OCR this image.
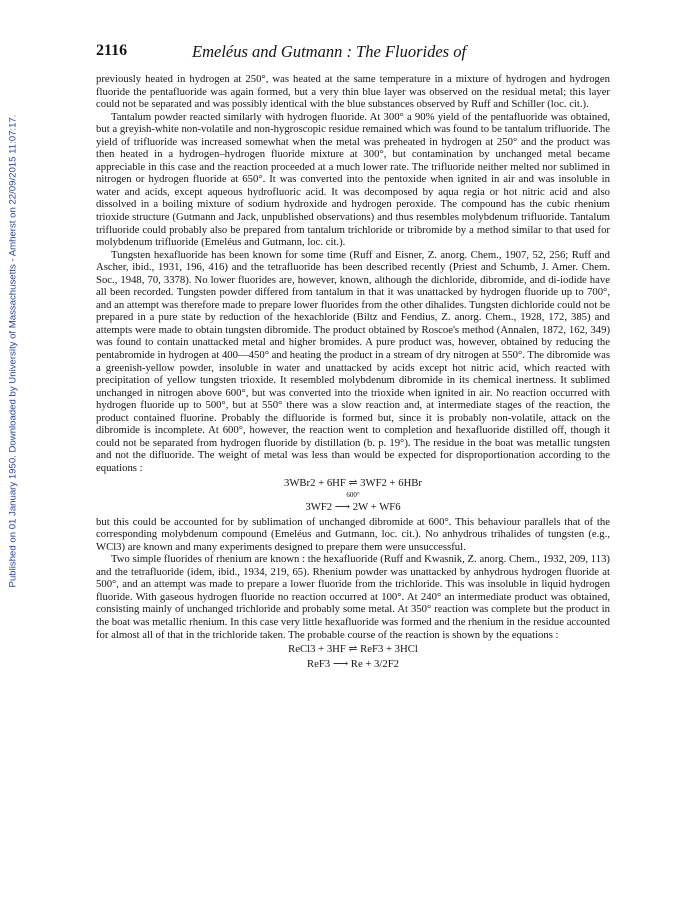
Published on 01 January 1950. Downloaded by University of Massachusetts - Amherst on 22/09/2015 11:07:17.
2116	Emeléus and Gutmann : The Fluorides of

previously heated in hydrogen at 250°, was heated at the same temperature in a mixture of hydrogen and hydrogen fluoride the pentafluoride was again formed, but a very thin blue layer was observed on the residual metal; this layer could not be separated and was possibly identical with the blue substances observed by Ruff and Schiller (loc. cit.).

Tantalum powder reacted similarly with hydrogen fluoride. At 300° a 90% yield of the pentafluoride was obtained, but a greyish-white non-volatile and non-hygroscopic residue remained which was found to be tantalum trifluoride. The yield of trifluoride was increased somewhat when the metal was preheated in hydrogen at 250° and the product was then heated in a hydrogen–hydrogen fluoride mixture at 300°, but contamination by unchanged metal became appreciable in this case and the reaction proceeded at a much lower rate. The trifluoride neither melted nor sublimed in nitrogen or hydrogen fluoride at 650°. It was converted into the pentoxide when ignited in air and was insoluble in water and acids, except aqueous hydrofluoric acid. It was decomposed by aqua regia or hot nitric acid and also dissolved in a boiling mixture of sodium hydroxide and hydrogen peroxide. The compound has the cubic rhenium trioxide structure (Gutmann and Jack, unpublished observations) and thus resembles molybdenum trifluoride. Tantalum trifluoride could probably also be prepared from tantalum trichloride or tribromide by a method similar to that used for molybdenum trifluoride (Emeléus and Gutmann, loc. cit.).

Tungsten hexafluoride has been known for some time (Ruff and Eisner, Z. anorg. Chem., 1907, 52, 256; Ruff and Ascher, ibid., 1931, 196, 416) and the tetrafluoride has been described recently (Priest and Schumb, J. Amer. Chem. Soc., 1948, 70, 3378). No lower fluorides are, however, known, although the dichloride, dibromide, and di-iodide have all been recorded. Tungsten powder differed from tantalum in that it was unattacked by hydrogen fluoride up to 700°, and an attempt was therefore made to prepare lower fluorides from the other dihalides. Tungsten dichloride could not be prepared in a pure state by reduction of the hexachloride (Biltz and Fendius, Z. anorg. Chem., 1928, 172, 385) and attempts were made to obtain tungsten dibromide. The product obtained by Roscoe's method (Annalen, 1872, 162, 349) was found to contain unattacked metal and higher bromides. A pure product was, however, obtained by reducing the pentabromide in hydrogen at 400—450° and heating the product in a stream of dry nitrogen at 550°. The dibromide was a greenish-yellow powder, insoluble in water and unattacked by acids except hot nitric acid, which reacted with precipitation of yellow tungsten trioxide. It resembled molybdenum dibromide in its chemical inertness. It sublimed unchanged in nitrogen above 600°, but was converted into the trioxide when ignited in air. No reaction occurred with hydrogen fluoride up to 500°, but at 550° there was a slow reaction and, at intermediate stages of the reaction, the product contained fluorine. Probably the difluoride is formed but, since it is probably non-volatile, attack on the dibromide is incomplete. At 600°, however, the reaction went to completion and hexafluoride distilled off, though it could not be separated from hydrogen fluoride by distillation (b. p. 19°). The residue in the boat was metallic tungsten and not the difluoride. The weight of metal was less than would be expected for disproportionation according to the equations :

3WBr2 + 6HF ⇌ 3WF2 + 6HBr
600°
3WF2 ⟶ 2W + WF6

but this could be accounted for by sublimation of unchanged dibromide at 600°. This behaviour parallels that of the corresponding molybdenum compound (Emeléus and Gutmann, loc. cit.). No anhydrous trihalides of tungsten (e.g., WCl3) are known and many experiments designed to prepare them were unsuccessful.

Two simple fluorides of rhenium are known : the hexafluoride (Ruff and Kwasnik, Z. anorg. Chem., 1932, 209, 113) and the tetrafluoride (idem, ibid., 1934, 219, 65). Rhenium powder was unattacked by anhydrous hydrogen fluoride at 500°, and an attempt was made to prepare a lower fluoride from the trichloride. This was insoluble in liquid hydrogen fluoride. With gaseous hydrogen fluoride no reaction occurred at 100°. At 240° an intermediate product was obtained, consisting mainly of unchanged trichloride and probably some metal. At 350° reaction was complete but the product in the boat was metallic rhenium. In this case very little hexafluoride was formed and the rhenium in the residue accounted for almost all of that in the trichloride taken. The probable course of the reaction is shown by the equations :

ReCl3 + 3HF ⇌ ReF3 + 3HCl
ReF3 ⟶ Re + 3/2F2
